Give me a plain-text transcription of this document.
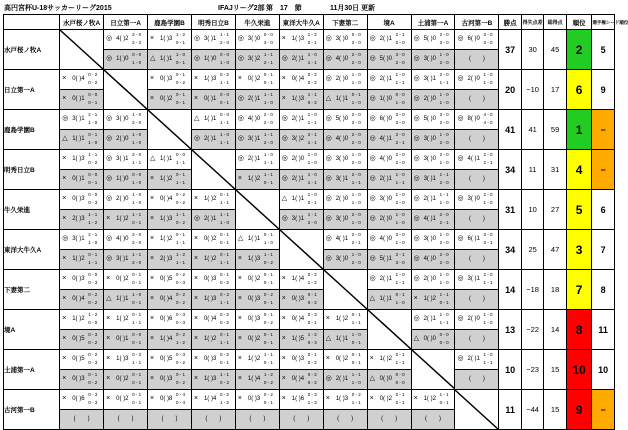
高円宮杯U-18サッカーリーグ2015	IFAJリーグ2部 第　17　節	11月30日 更新
	水戸桜ノ牧A	日立第一A	鹿島学園B	明秀日立B	牛久栄進	東洋大牛久A	下妻第二	境A	土浦第一A	古河第一B	勝点	得失点差	総得点	順位	選手権シード順位
水戸桜ノ牧A		◎ 4( )2
2 - 0
2 - 2	× 1( )3
1 - 2
0 - 1	◎ 3( )1
1 - 1
2 - 0	◎ 3( )0
0 - 0
3 - 0	× 1( )3
1 - 2
0 - 1	◎ 3( )0
0 - 0
3 - 0	◎ 2( )1
2 - 1
0 - 0	◎ 5( )0
2 - 0
3 - 0	◎ 6( )0
3 - 0
3 - 0	37	30	45	2	5

		◎ 1( )0
0 - 0
1 - 0	△ 1( )1
1 - 0
0 - 1	◎ 1( )0
0 - 0
1 - 0	◎ 3( )2
1 - 1
2 - 1	◎ 2( )1
1 - 0
1 - 1	◎ 4( )0
2 - 0
2 - 0	◎ 5( )0
3 - 0
2 - 0	◎ 3( )0
1 - 0
2 - 0	(　　)					

日立第一A	× 0( )4
0 - 2
0 - 2		× 0( )3
0 - 1
0 - 2	× 1( )3
0 - 2
1 - 1	× 0( )2
0 - 1
0 - 1	× 0( )4
0 - 2
0 - 2	◎ 2( )0
1 - 0
1 - 0	◎ 2( )1
1 - 0
1 - 1	◎ 3( )1
2 - 0
1 - 1	◎ 2( )0
1 - 0
1 - 0	20	−10	17	6	9

	× 0( )1
0 - 0
0 - 1		× 0( )2
0 - 1
0 - 1	× 0( )1
0 - 0
0 - 1	◎ 2( )1
1 - 1
1 - 0	× 1( )3
1 - 1
0 - 2	△ 1( )1
0 - 1
1 - 0	◎ 1( )0
0 - 0
1 - 0	◎ 2( )0
1 - 0
1 - 0	(　　)					

鹿島学園B	◎ 3( )1
2 - 1
1 - 0	◎ 3( )0
1 - 0
2 - 0		△ 1( )1
0 - 0
1 - 1	◎ 4( )0
2 - 0
2 - 0	◎ 2( )1
1 - 0
1 - 1	◎ 5( )0
2 - 0
3 - 0	◎ 6( )0
3 - 0
3 - 0	◎ 5( )0
3 - 0
2 - 0	◎ 8( )0
4 - 0
4 - 0	41	41	59	1	−

	△ 1( )1
0 - 1
1 - 0	◎ 2( )0
1 - 0
1 - 0		◎ 2( )1
1 - 0
1 - 1	◎ 3( )1
1 - 1
2 - 0	◎ 3( )2
2 - 1
1 - 1	◎ 4( )0
2 - 0
2 - 0	◎ 4( )1
2 - 0
2 - 1	◎ 3( )0
1 - 0
2 - 0	(　　)					

明秀日立B	× 1( )3
1 - 1
0 - 2	◎ 3( )1
2 - 0
1 - 1	△ 1( )1
0 - 0
1 - 1		◎ 2( )1
1 - 0
1 - 1	◎ 2( )0
1 - 0
1 - 0	◎ 3( )0
1 - 0
2 - 0	◎ 4( )0
2 - 0
2 - 0	◎ 3( )0
2 - 0
1 - 0	◎ 4( )1
2 - 0
2 - 1	34	11	31	4	−

	× 0( )1
0 - 0
0 - 1	◎ 1( )0
0 - 0
1 - 0	× 1( )2
0 - 1
1 - 1		× 1( )2
1 - 1
0 - 1	◎ 2( )1
1 - 0
1 - 1	◎ 3( )1
2 - 0
1 - 1	◎ 2( )1
1 - 0
1 - 1	◎ 3( )1
1 - 1
2 - 0	(　　)					

牛久栄進	× 0( )3
0 - 0
0 - 3	◎ 2( )0
1 - 0
1 - 0	× 0( )4
0 - 2
0 - 2	× 1( )2
0 - 1
1 - 1		△ 1( )1
1 - 0
0 - 1	◎ 2( )0
1 - 0
1 - 0	◎ 3( )0
1 - 0
2 - 0	◎ 2( )1
1 - 1
1 - 0	◎ 3( )0
2 - 0
1 - 0	31	10	27	5	6

	× 2( )3
1 - 1
1 - 2	× 1( )2
1 - 1
0 - 1	× 1( )3
1 - 1
0 - 2	◎ 2( )1
1 - 1
1 - 0		◎ 3( )1
1 - 1
2 - 0	◎ 3( )0
2 - 0
1 - 0	◎ 2( )0
1 - 0
1 - 0	◎ 4( )1
2 - 0
2 - 1	(　　)					

東洋大牛久A	◎ 3( )1
2 - 1
1 - 0	◎ 4( )0
2 - 0
2 - 0	× 1( )2
0 - 1
1 - 1	× 0( )2
0 - 1
0 - 1	△ 1( )1
0 - 1
1 - 0		◎ 4( )1
2 - 0
2 - 1	◎ 4( )0
3 - 0
1 - 0	◎ 3( )0
1 - 0
2 - 0	◎ 6( )1
3 - 0
3 - 1	34	25	47	3	7

	× 1( )2
0 - 1
1 - 1	◎ 3( )1
1 - 1
2 - 0	× 2( )3
1 - 2
1 - 1	× 1( )2
0 - 1
1 - 1	× 1( )3
1 - 1
0 - 2		◎ 3( )0
1 - 0
2 - 0	◎ 5( )1
2 - 1
3 - 0	◎ 4( )0
2 - 0
2 - 0	(　　)					

下妻第二	× 0( )3
0 - 0
0 - 3	× 0( )2
0 - 1
0 - 1	× 0( )5
0 - 2
0 - 3	× 0( )3
0 - 1
0 - 2	× 0( )2
0 - 1
0 - 1	× 1( )4
0 - 2
1 - 2		◎ 2( )1
1 - 0
1 - 1	◎ 2( )0
1 - 0
1 - 0	◎ 3( )1
2 - 0
1 - 1	14	−18	18	7	8

	× 0( )4
0 - 2
0 - 2	△ 1( )1
1 - 0
0 - 1	× 0( )4
0 - 2
0 - 2	× 1( )3
0 - 2
1 - 1	× 0( )3
0 - 2
0 - 1	× 0( )3
0 - 1
0 - 2		△ 1( )1
0 - 1
1 - 0	× 1( )2
1 - 1
0 - 1	(　　)					

境A	× 1( )2
1 - 2
0 - 0	× 1( )2
0 - 1
1 - 1	× 0( )6
0 - 3
0 - 3	× 0( )4
0 - 2
0 - 2	× 0( )3
0 - 1
0 - 2	× 0( )4
0 - 3
0 - 1	× 1( )2
0 - 1
1 - 1		◎ 2( )1
1 - 0
1 - 1	◎ 2( )0
1 - 0
1 - 0	13	−22	14	8	11

	× 0( )5
0 - 3
0 - 2	× 0( )1
0 - 0
0 - 1	× 1( )4
0 - 2
1 - 2	× 1( )2
0 - 1
1 - 1	× 0( )2
0 - 1
0 - 1	× 1( )5
1 - 2
0 - 3	△ 1( )1
1 - 0
0 - 1		△ 0( )0
0 - 0
0 - 0	(　　)					

土浦第一A	× 0( )5
0 - 2
0 - 3	× 1( )3
0 - 2
1 - 1	× 0( )5
0 - 3
0 - 2	× 0( )3
0 - 2
0 - 1	× 1( )2
1 - 1
0 - 1	× 0( )3
0 - 1
0 - 2	× 0( )2
0 - 1
0 - 1	× 1( )2
0 - 1
1 - 1		◎ 2( )1
1 - 0
1 - 1	10	−23	15	10	10

	× 0( )3
0 - 1
0 - 2	× 0( )2
0 - 1
0 - 1	× 0( )3
0 - 1
0 - 2	× 1( )3
1 - 1
0 - 2	× 1( )4
1 - 2
0 - 2	× 0( )4
0 - 2
0 - 2	◎ 2( )1
1 - 1
1 - 0	△ 0( )0
0 - 0
0 - 0		(　　)					

古河第一B	× 0( )6
0 - 3
0 - 3	× 0( )2
0 - 1
0 - 1	× 0( )8
0 - 4
0 - 4	× 1( )4
0 - 2
1 - 2	× 0( )3
0 - 2
0 - 1	× 1( )6
0 - 3
1 - 3	× 1( )3
0 - 2
1 - 1	× 0( )2
0 - 1
0 - 1	× 1( )2
1 - 1
0 - 1		11	−44	15	9	−

	(　　)	(　　)	(　　)	(　　)	(　　)	(　　)	(　　)	(　　)	(　　)						
